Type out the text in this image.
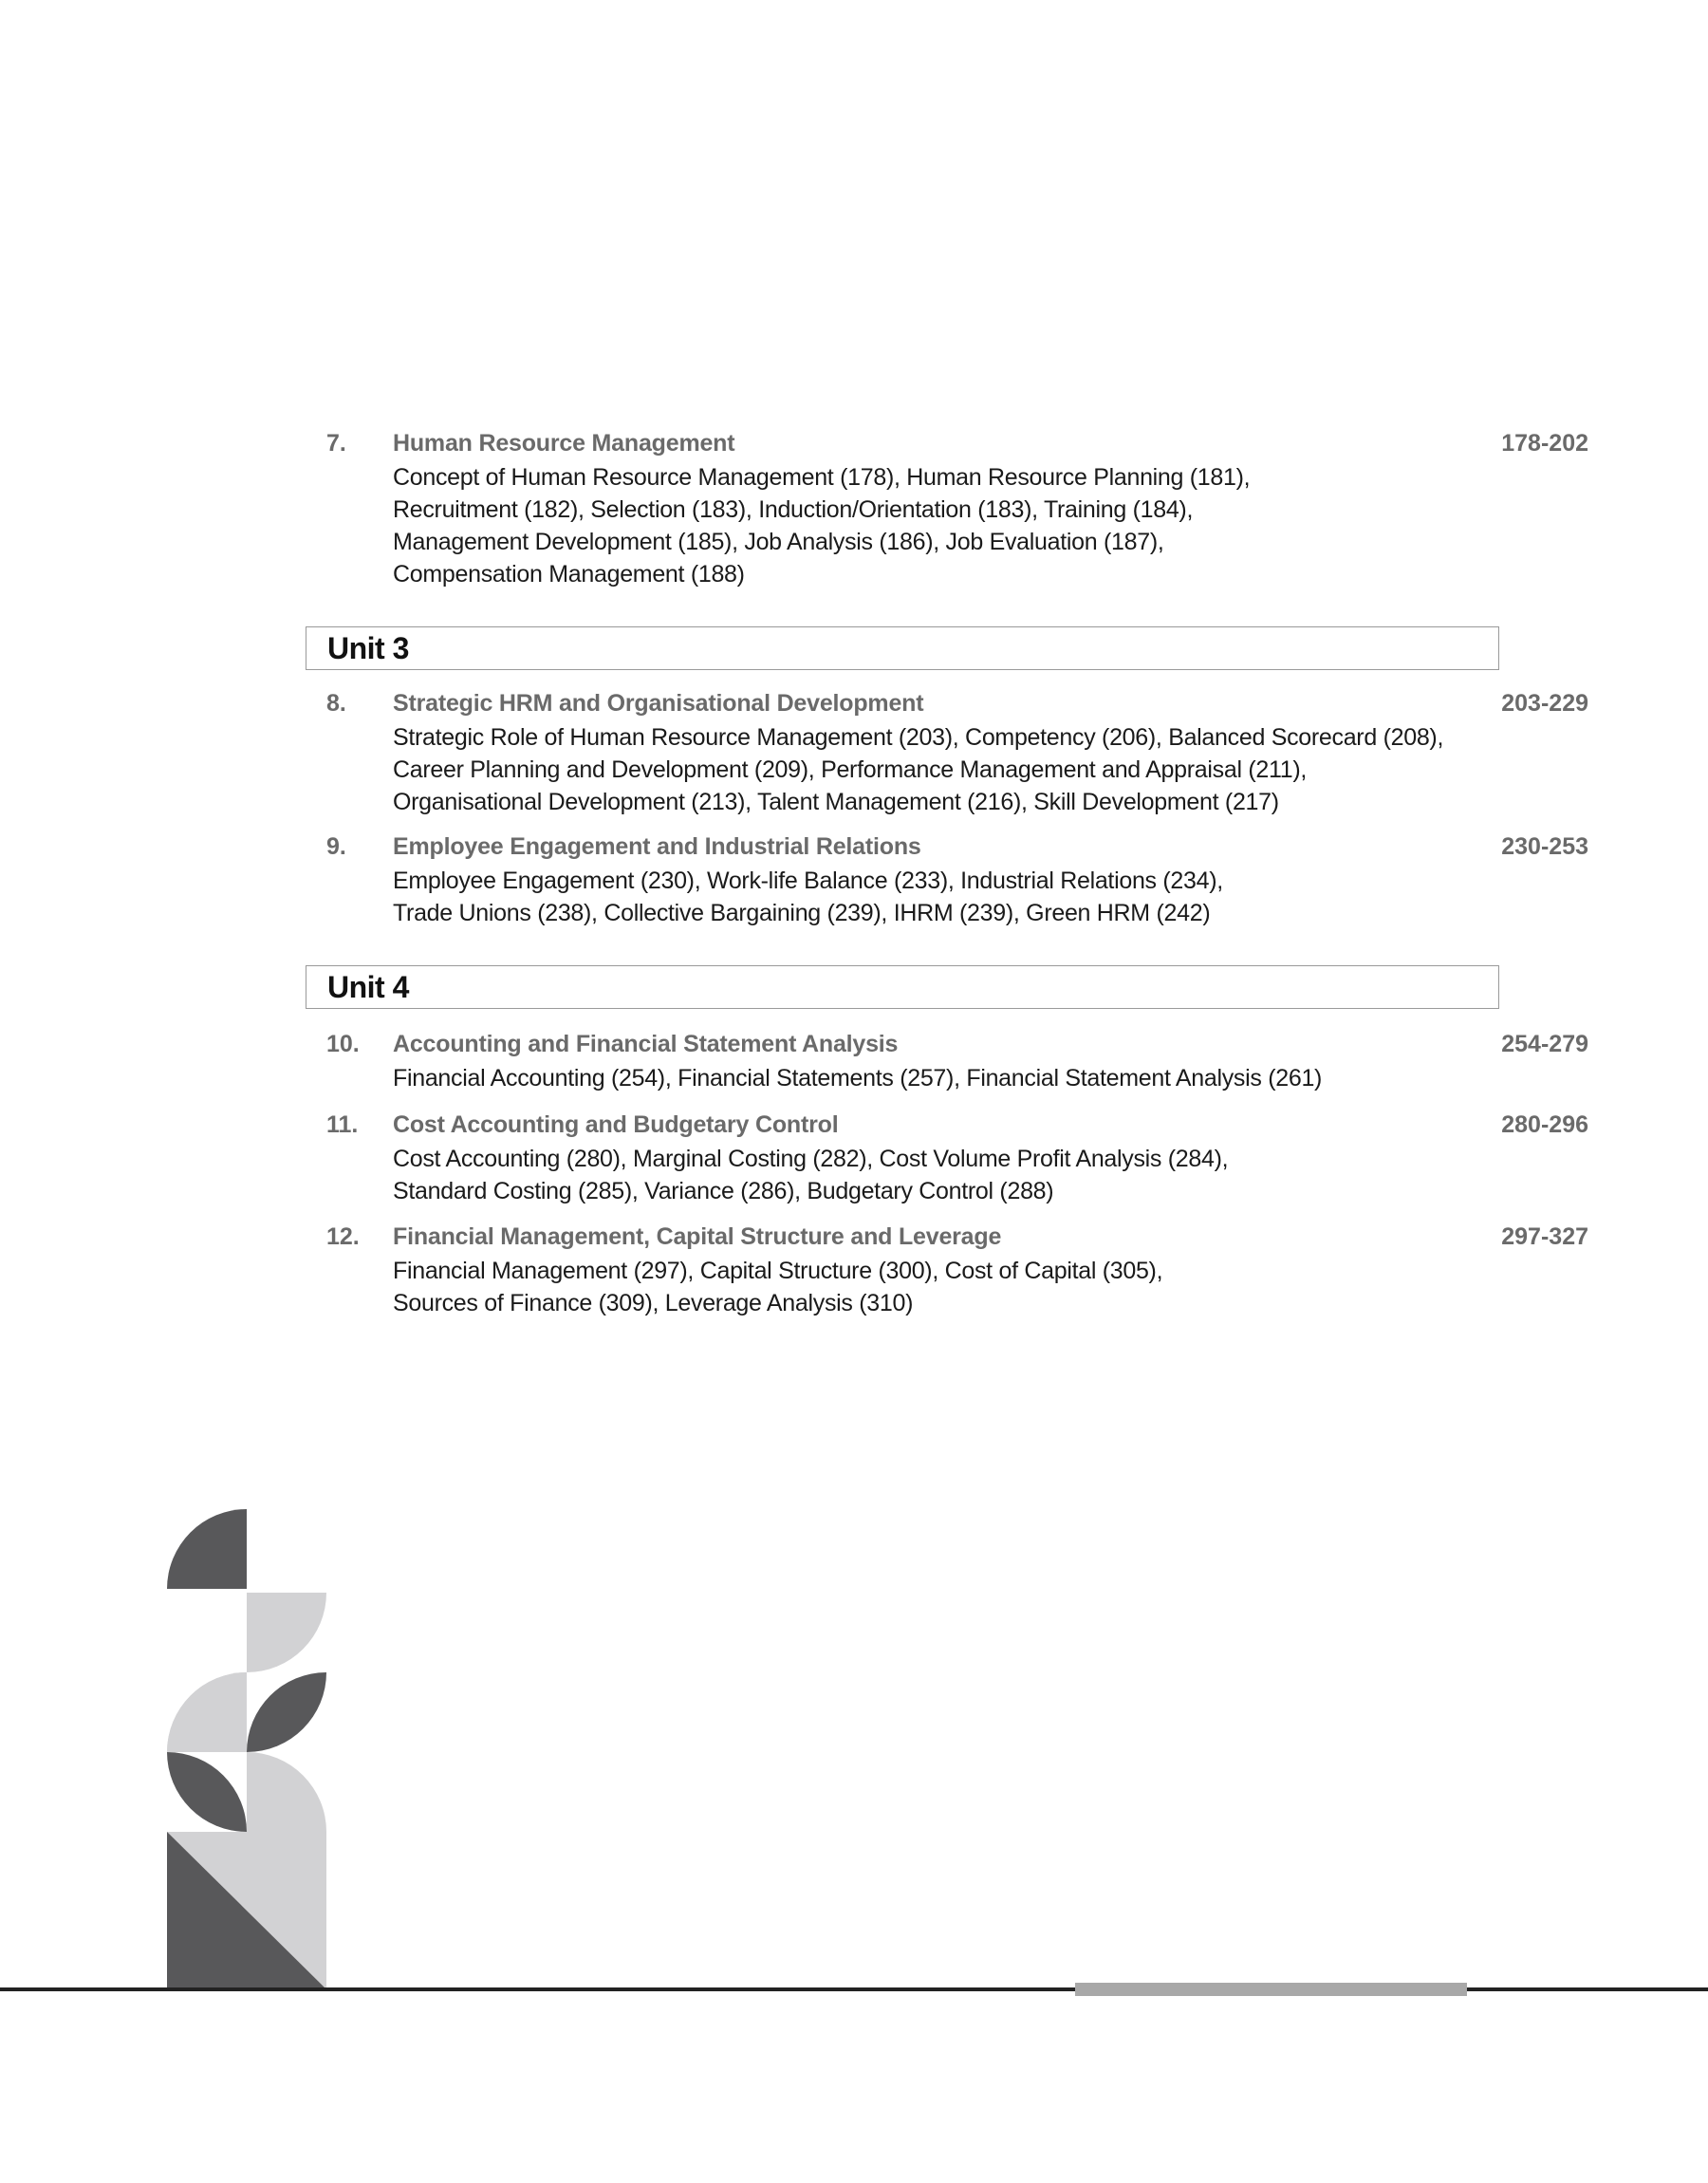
7. Human Resource Management	178-202
Concept of Human Resource Management (178), Human Resource Planning (181),
Recruitment (182), Selection (183), Induction/Orientation (183), Training (184),
Management Development (185), Job Analysis (186), Job Evaluation (187),
Compensation Management (188)
Unit 3
8. Strategic HRM and Organisational Development	203-229
Strategic Role of Human Resource Management (203), Competency (206), Balanced Scorecard (208),
Career Planning and Development (209), Performance Management and Appraisal (211),
Organisational Development (213), Talent Management (216), Skill Development (217)
9. Employee Engagement and Industrial Relations	230-253
Employee Engagement (230), Work-life Balance (233), Industrial Relations (234),
Trade Unions (238), Collective Bargaining (239), IHRM (239), Green HRM (242)
Unit 4
10. Accounting and Financial Statement Analysis	254-279
Financial Accounting (254), Financial Statements (257), Financial Statement Analysis (261)
11. Cost Accounting and Budgetary Control	280-296
Cost Accounting (280), Marginal Costing (282), Cost Volume Profit Analysis (284),
Standard Costing (285), Variance (286), Budgetary Control (288)
12. Financial Management, Capital Structure and Leverage	297-327
Financial Management (297), Capital Structure (300), Cost of Capital (305),
Sources of Finance (309), Leverage Analysis (310)
